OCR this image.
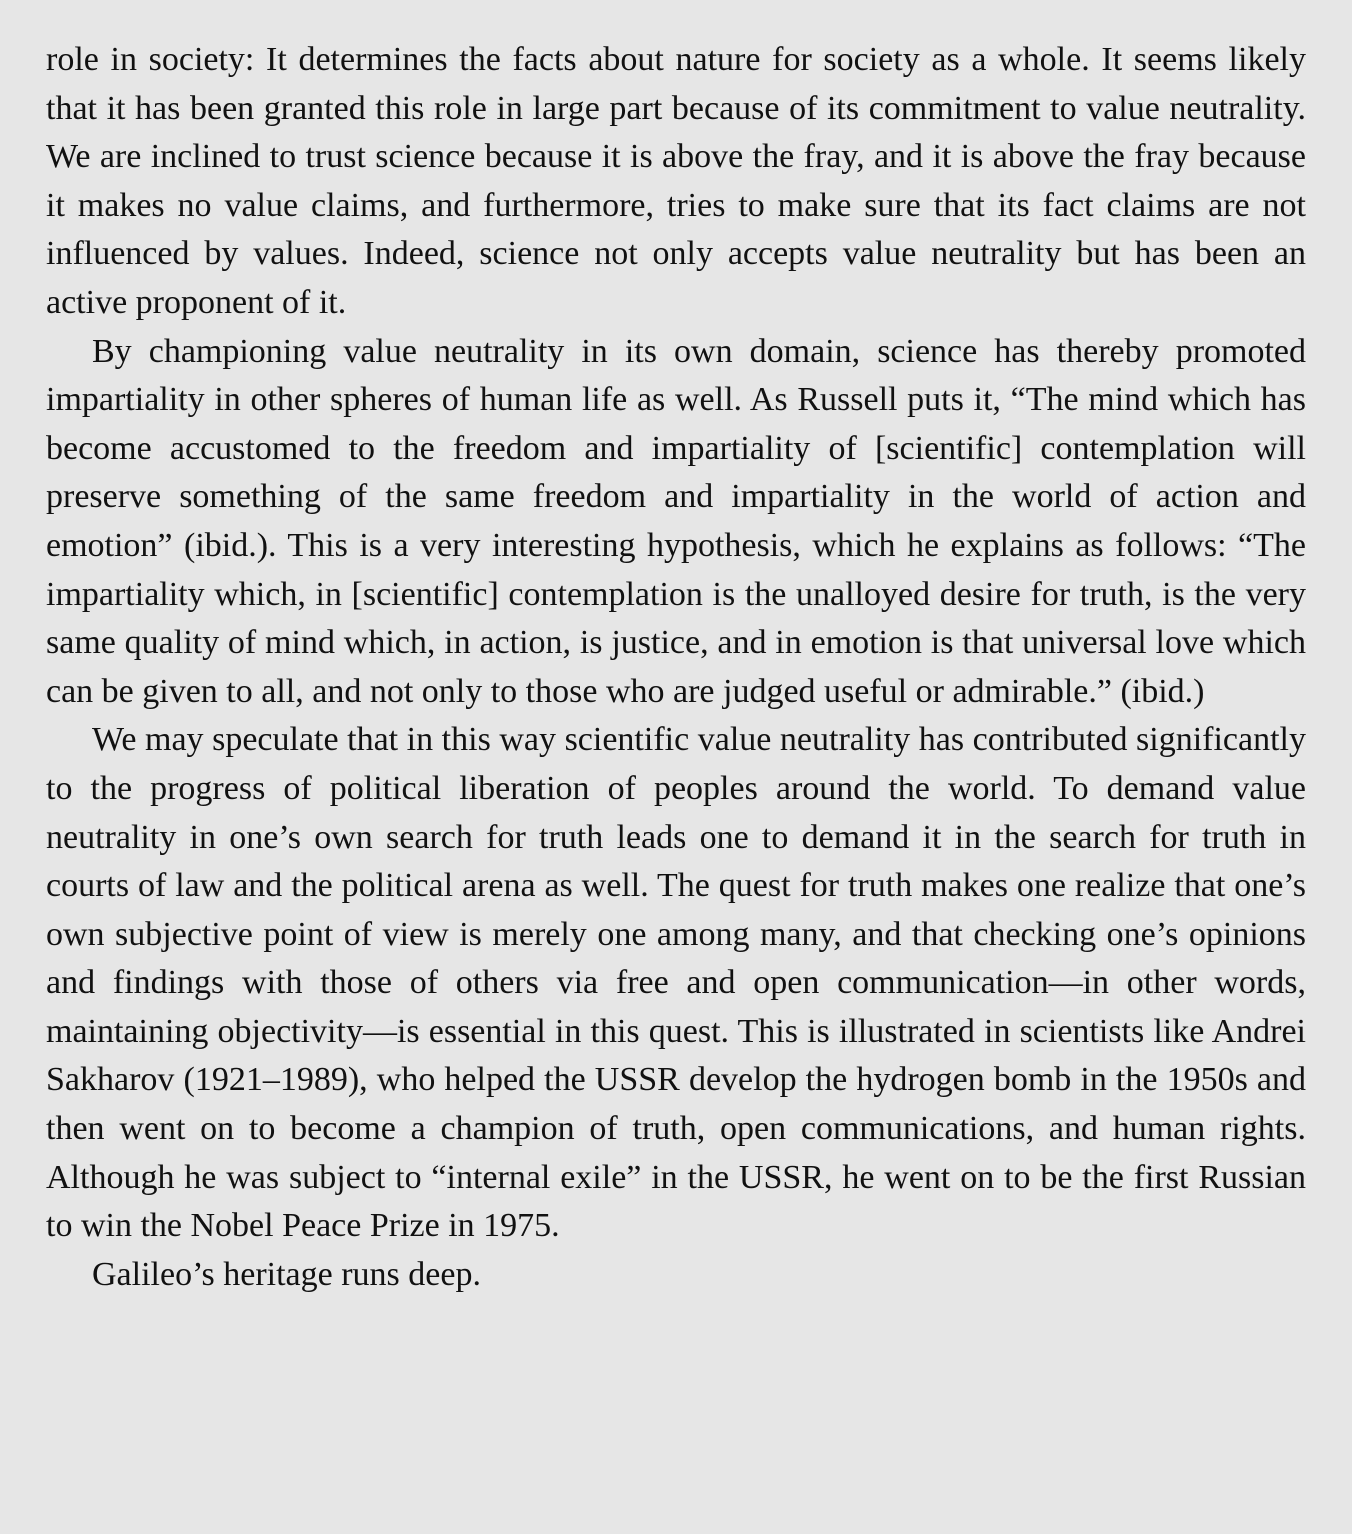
role in society: It determines the facts about nature for society as a whole. It seems likely that it has been granted this role in large part because of its commitment to value neutrality. We are inclined to trust science because it is above the fray, and it is above the fray because it makes no value claims, and furthermore, tries to make sure that its fact claims are not influenced by values. Indeed, science not only accepts value neutrality but has been an active proponent of it.

By championing value neutrality in its own domain, science has thereby promoted impartiality in other spheres of human life as well. As Russell puts it, “The mind which has become accustomed to the freedom and impartiality of [scientific] contemplation will preserve something of the same freedom and impartiality in the world of action and emotion” (ibid.). This is a very interesting hypothesis, which he explains as follows: “The impartiality which, in [scientific] contemplation is the unalloyed desire for truth, is the very same quality of mind which, in action, is justice, and in emotion is that universal love which can be given to all, and not only to those who are judged useful or admirable.” (ibid.)

We may speculate that in this way scientific value neutrality has contributed significantly to the progress of political liberation of peoples around the world. To demand value neutrality in one’s own search for truth leads one to demand it in the search for truth in courts of law and the political arena as well. The quest for truth makes one realize that one’s own subjective point of view is merely one among many, and that checking one’s opinions and findings with those of others via free and open communication—in other words, maintaining objectivity—is essential in this quest. This is illustrated in scientists like Andrei Sakharov (1921–1989), who helped the USSR develop the hydrogen bomb in the 1950s and then went on to become a champion of truth, open communications, and human rights. Although he was subject to “internal exile” in the USSR, he went on to be the first Russian to win the Nobel Peace Prize in 1975.

Galileo’s heritage runs deep.
